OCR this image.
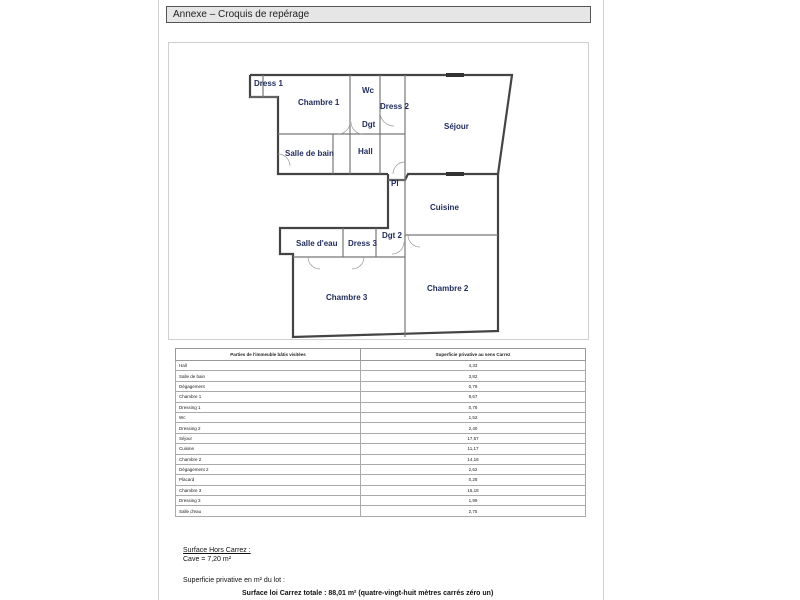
Annexe – Croquis de repérage
Dress 1
Chambre 1
Wc
Dress 2
Dgt	Séjour
Salle de bain	Hall
Pl
Cuisine
Salle d'eau Dress 3
Dgt 2
Chambre 3
Chambre 2
Parties de l'immeuble bâtis visitées	Superficie privative au sens Carrez
Hall	4,33
Salle de bain	3,82
Dégagement	0,79
Chambre 1	8,67
Dressing 1	0,76
Wc	1,52
Dressing 2	2,40
Séjour	17,57
Cuisine	11,17
Chambre 2	14,16
Dégagement 2	2,62
Placard	0,28
Chambre 3	15,18
Dressing 3	1,99
Salle d'eau	2,75
Surface Hors Carrez :
Cave = 7,20 m²
Superficie privative en m² du lot :
Surface loi Carrez totale : 88,01 m² (quatre-vingt-huit mètres carrés zéro un)
